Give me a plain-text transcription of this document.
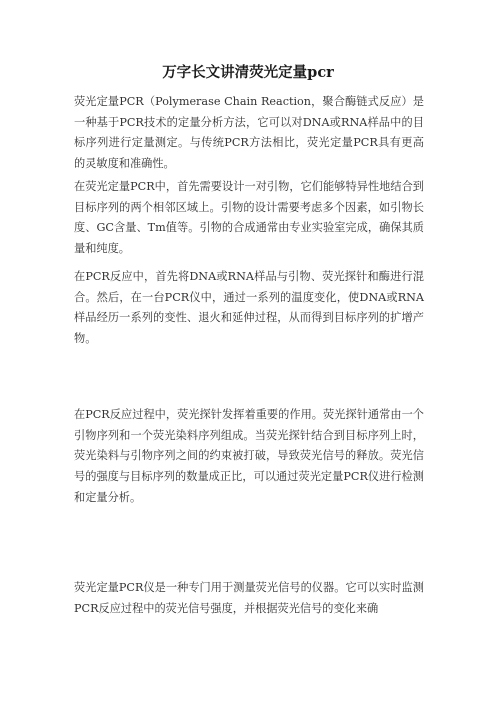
万字长文讲清荧光定量pcr

荧光定量PCR（Polymerase Chain Reaction，聚合酶链式反应）是一种基于PCR技术的定量分析方法，它可以对DNA或RNA样品中的目标序列进行定量测定。与传统PCR方法相比，荧光定量PCR具有更高的灵敏度和准确性。

在荧光定量PCR中，首先需要设计一对引物，它们能够特异性地结合到目标序列的两个相邻区域上。引物的设计需要考虑多个因素，如引物长度、GC含量、Tm值等。引物的合成通常由专业实验室完成，确保其质量和纯度。

在PCR反应中，首先将DNA或RNA样品与引物、荧光探针和酶进行混合。然后，在一台PCR仪中，通过一系列的温度变化，使DNA或RNA样品经历一系列的变性、退火和延伸过程，从而得到目标序列的扩增产物。

在PCR反应过程中，荧光探针发挥着重要的作用。荧光探针通常由一个引物序列和一个荧光染料序列组成。当荧光探针结合到目标序列上时，荧光染料与引物序列之间的约束被打破，导致荧光信号的释放。荧光信号的强度与目标序列的数量成正比，可以通过荧光定量PCR仪进行检测和定量分析。

荧光定量PCR仪是一种专门用于测量荧光信号的仪器。它可以实时监测PCR反应过程中的荧光信号强度，并根据荧光信号的变化来确
